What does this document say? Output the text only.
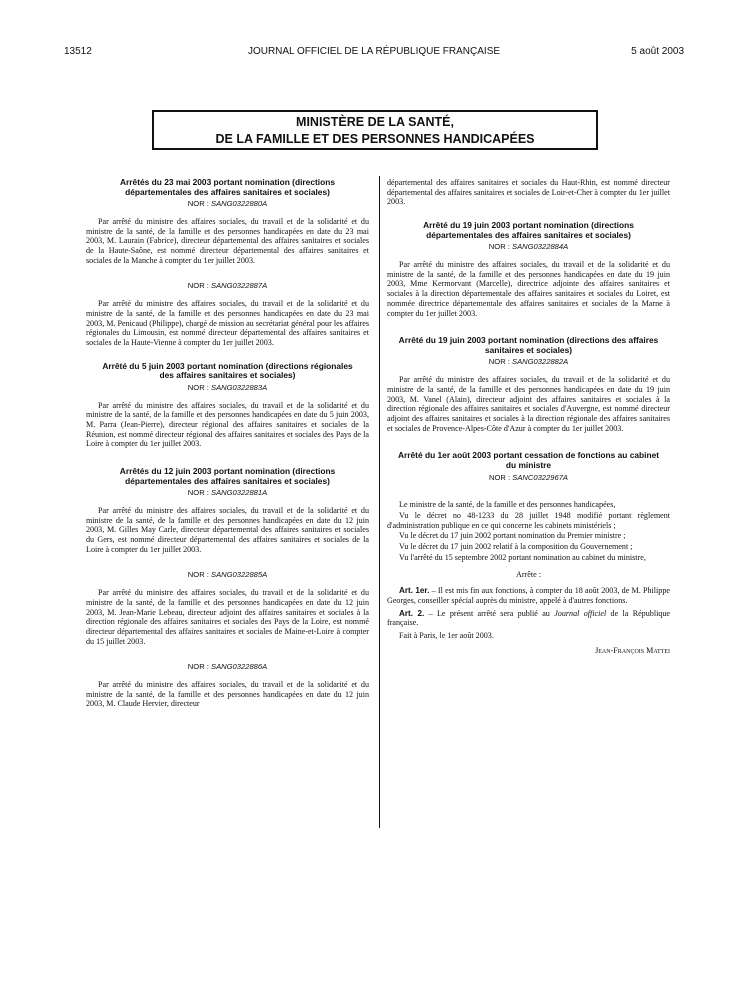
13512	JOURNAL OFFICIEL DE LA RÉPUBLIQUE FRANÇAISE	5 août 2003
MINISTÈRE DE LA SANTÉ,
DE LA FAMILLE ET DES PERSONNES HANDICAPÉES
Arrêtés du 23 mai 2003 portant nomination (directions départementales des affaires sanitaires et sociales)
NOR : SANG0322880A

Par arrêté du ministre des affaires sociales, du travail et de la solidarité et du ministre de la santé, de la famille et des personnes handicapées en date du 23 mai 2003, M. Laurain (Fabrice), directeur départemental des affaires sanitaires et sociales de la Haute-Saône, est nommé directeur départemental des affaires sanitaires et sociales de la Manche à compter du 1er juillet 2003.

NOR : SANG0322887A

Par arrêté du ministre des affaires sociales, du travail et de la solidarité et du ministre de la santé, de la famille et des personnes handicapées en date du 23 mai 2003, M. Penicaud (Philippe), chargé de mission au secrétariat général pour les affaires régionales du Limousin, est nommé directeur départemental des affaires sanitaires et sociales de la Haute-Vienne à compter du 1er juillet 2003.

Arrêté du 5 juin 2003 portant nomination (directions régionales des affaires sanitaires et sociales)
NOR : SANG0322883A

Par arrêté du ministre des affaires sociales, du travail et de la solidarité et du ministre de la santé, de la famille et des personnes handicapées en date du 5 juin 2003, M. Parra (Jean-Pierre), directeur régional des affaires sanitaires et sociales de la Réunion, est nommé directeur régional des affaires sanitaires et sociales des Pays de la Loire à compter du 1er juillet 2003.

Arrêtés du 12 juin 2003 portant nomination (directions départementales des affaires sanitaires et sociales)
NOR : SANG0322881A

Par arrêté du ministre des affaires sociales, du travail et de la solidarité et du ministre de la santé, de la famille et des personnes handicapées en date du 12 juin 2003, M. Gilles May Carle, directeur départemental des affaires sanitaires et sociales du Gers, est nommé directeur départemental des affaires sanitaires et sociales de la Loire à compter du 1er juillet 2003.

NOR : SANG0322885A

Par arrêté du ministre des affaires sociales, du travail et de la solidarité et du ministre de la santé, de la famille et des personnes handicapées en date du 12 juin 2003, M. Jean-Marie Lebeau, directeur adjoint des affaires sanitaires et sociales à la direction régionale des affaires sanitaires et sociales des Pays de la Loire, est nommé directeur départemental des affaires sanitaires et sociales de Maine-et-Loire à compter du 15 juillet 2003.

NOR : SANG0322886A

Par arrêté du ministre des affaires sociales, du travail et de la solidarité et du ministre de la santé, de la famille et des personnes handicapées en date du 12 juin 2003, M. Claude Hervier, directeur

départemental des affaires sanitaires et sociales du Haut-Rhin, est nommé directeur départemental des affaires sanitaires et sociales de Loir-et-Cher à compter du 1er juillet 2003.

Arrêté du 19 juin 2003 portant nomination (directions départementales des affaires sanitaires et sociales)
NOR : SANG0322884A

Par arrêté du ministre des affaires sociales, du travail et de la solidarité et du ministre de la santé, de la famille et des personnes handicapées en date du 19 juin 2003, Mme Kermorvant (Marcelle), directrice adjointe des affaires sanitaires et sociales à la direction départementale des affaires sanitaires et sociales du Loiret, est nommée directrice départementale des affaires sanitaires et sociales de la Marne à compter du 1er juillet 2003.

Arrêté du 19 juin 2003 portant nomination (directions des affaires sanitaires et sociales)
NOR : SANG0322882A

Par arrêté du ministre des affaires sociales, du travail et de la solidarité et du ministre de la santé, de la famille et des personnes handicapées en date du 19 juin 2003, M. Vanel (Alain), directeur adjoint des affaires sanitaires et sociales à la direction régionale des affaires sanitaires et sociales d'Auvergne, est nommé directeur adjoint des affaires sanitaires et sociales à la direction régionale des affaires sanitaires et sociales de Provence-Alpes-Côte d'Azur à compter du 1er juillet 2003.

Arrêté du 1er août 2003 portant cessation de fonctions au cabinet du ministre
NOR : SANC0322967A

Le ministre de la santé, de la famille et des personnes handicapées,

Vu le décret no 48-1233 du 28 juillet 1948 modifié portant règlement d'administration publique en ce qui concerne les cabinets ministériels ;

Vu le décret du 17 juin 2002 portant nomination du Premier ministre ;

Vu le décret du 17 juin 2002 relatif à la composition du Gouvernement ;

Vu l'arrêté du 15 septembre 2002 portant nomination au cabinet du ministre,

Arrête :

Art. 1er. – Il est mis fin aux fonctions, à compter du 18 août 2003, de M. Philippe Georges, conseiller spécial auprès du ministre, appelé à d'autres fonctions.

Art. 2. – Le présent arrêté sera publié au Journal officiel de la République française.

Fait à Paris, le 1er août 2003.

Jean-François Mattei
